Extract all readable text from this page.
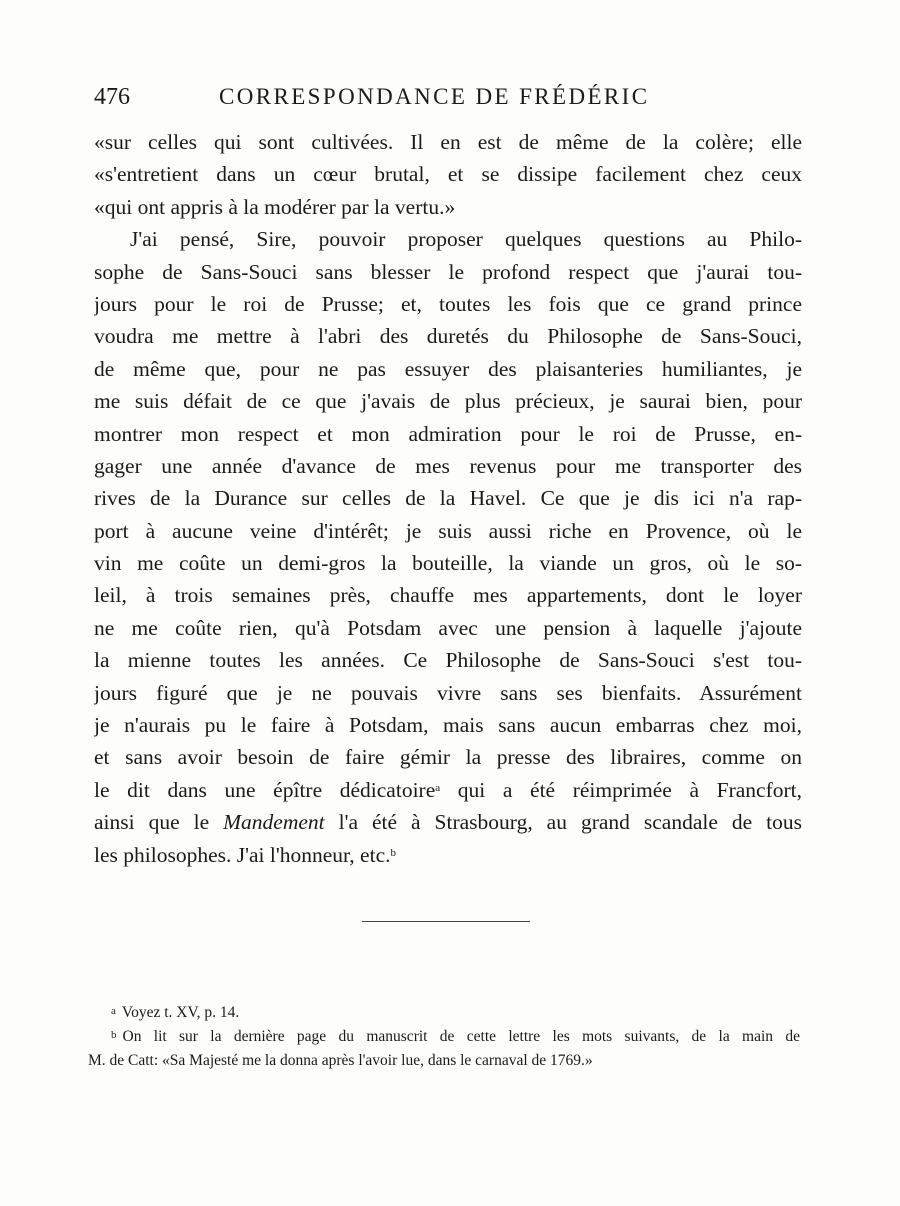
476	CORRESPONDANCE DE FRÉDÉRIC
«sur celles qui sont cultivées. Il en est de même de la colère; elle
«s'entretient dans un cœur brutal, et se dissipe facilement chez ceux
«qui ont appris à la modérer par la vertu.»
J'ai pensé, Sire, pouvoir proposer quelques questions au Philo-
sophe de Sans-Souci sans blesser le profond respect que j'aurai tou-
jours pour le roi de Prusse; et, toutes les fois que ce grand prince
voudra me mettre à l'abri des duretés du Philosophe de Sans-Souci,
de même que, pour ne pas essuyer des plaisanteries humiliantes, je
me suis défait de ce que j'avais de plus précieux, je saurai bien, pour
montrer mon respect et mon admiration pour le roi de Prusse, en-
gager une année d'avance de mes revenus pour me transporter des
rives de la Durance sur celles de la Havel. Ce que je dis ici n'a rap-
port à aucune veine d'intérêt; je suis aussi riche en Provence, où le
vin me coûte un demi-gros la bouteille, la viande un gros, où le so-
leil, à trois semaines près, chauffe mes appartements, dont le loyer
ne me coûte rien, qu'à Potsdam avec une pension à laquelle j'ajoute
la mienne toutes les années. Ce Philosophe de Sans-Souci s'est tou-
jours figuré que je ne pouvais vivre sans ses bienfaits. Assurément
je n'aurais pu le faire à Potsdam, mais sans aucun embarras chez moi,
et sans avoir besoin de faire gémir la presse des libraires, comme on
le dit dans une épître dédicatoire$^a$ qui a été réimprimée à Francfort,
ainsi que le Mandement l'a été à Strasbourg, au grand scandale de tous
les philosophes. J'ai l'honneur, etc.$^b$
a Voyez t. XV, p. 14.
b On lit sur la dernière page du manuscrit de cette lettre les mots suivants, de la main de
M. de Catt: «Sa Majesté me la donna après l'avoir lue, dans le carnaval de 1769.»
